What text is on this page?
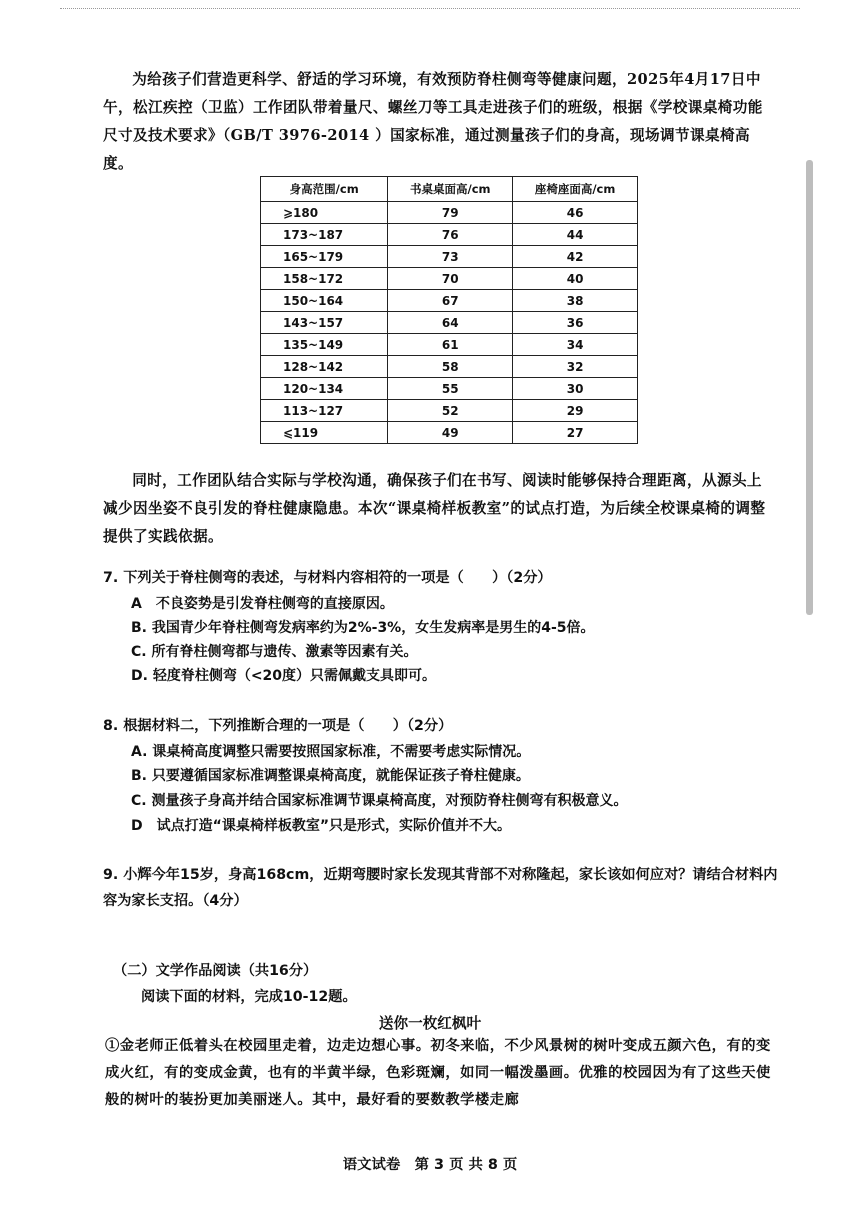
为给孩子们营造更科学、舒适的学习环境，有效预防脊柱侧弯等健康问题，2025年4月17日中午，松江疾控（卫监）工作团队带着量尺、螺丝刀等工具走进孩子们的班级，根据《学校课桌椅功能尺寸及技术要求》（GB/T 3976-2014 ）国家标准，通过测量孩子们的身高，现场调节课桌椅高度。

身高范围/cm	书桌桌面高/cm	座椅座面高/cm
⩾180	79	46
173~187	76	44
165~179	73	42
158~172	70	40
150~164	67	38
143~157	64	36
135~149	61	34
128~142	58	32
120~134	55	30
113~127	52	29
⩽119	49	27

同时，工作团队结合实际与学校沟通，确保孩子们在书写、阅读时能够保持合理距离，从源头上减少因坐姿不良引发的脊柱健康隐患。本次“课桌椅样板教室”的试点打造，为后续全校课桌椅的调整提供了实践依据。

7. 下列关于脊柱侧弯的表述，与材料内容相符的一项是（　　）（2分）

A　不良姿势是引发脊柱侧弯的直接原因。

B. 我国青少年脊柱侧弯发病率约为2%-3%，女生发病率是男生的4-5倍。

C. 所有脊柱侧弯都与遗传、激素等因素有关。

D. 轻度脊柱侧弯（<20度）只需佩戴支具即可。

8. 根据材料二，下列推断合理的一项是（　　）（2分）

A. 课桌椅高度调整只需要按照国家标准，不需要考虑实际情况。

B. 只要遵循国家标准调整课桌椅高度，就能保证孩子脊柱健康。

C. 测量孩子身高并结合国家标准调节课桌椅高度，对预防脊柱侧弯有积极意义。

D　试点打造“课桌椅样板教室”只是形式，实际价值并不大。

9. 小辉今年15岁，身高168cm，近期弯腰时家长发现其背部不对称隆起，家长该如何应对？请结合材料内容为家长支招。（4分）

（二）文学作品阅读（共16分）
阅读下面的材料，完成10-12题。
送你一枚红枫叶

①金老师正低着头在校园里走着，边走边想心事。初冬来临，不少风景树的树叶变成五颜六色，有的变成火红，有的变成金黄，也有的半黄半绿，色彩斑斓，如同一幅泼墨画。优雅的校园因为有了这些天使般的树叶的装扮更加美丽迷人。其中，最好看的要数教学楼走廊

语文试卷　第 3 页 共 8 页
